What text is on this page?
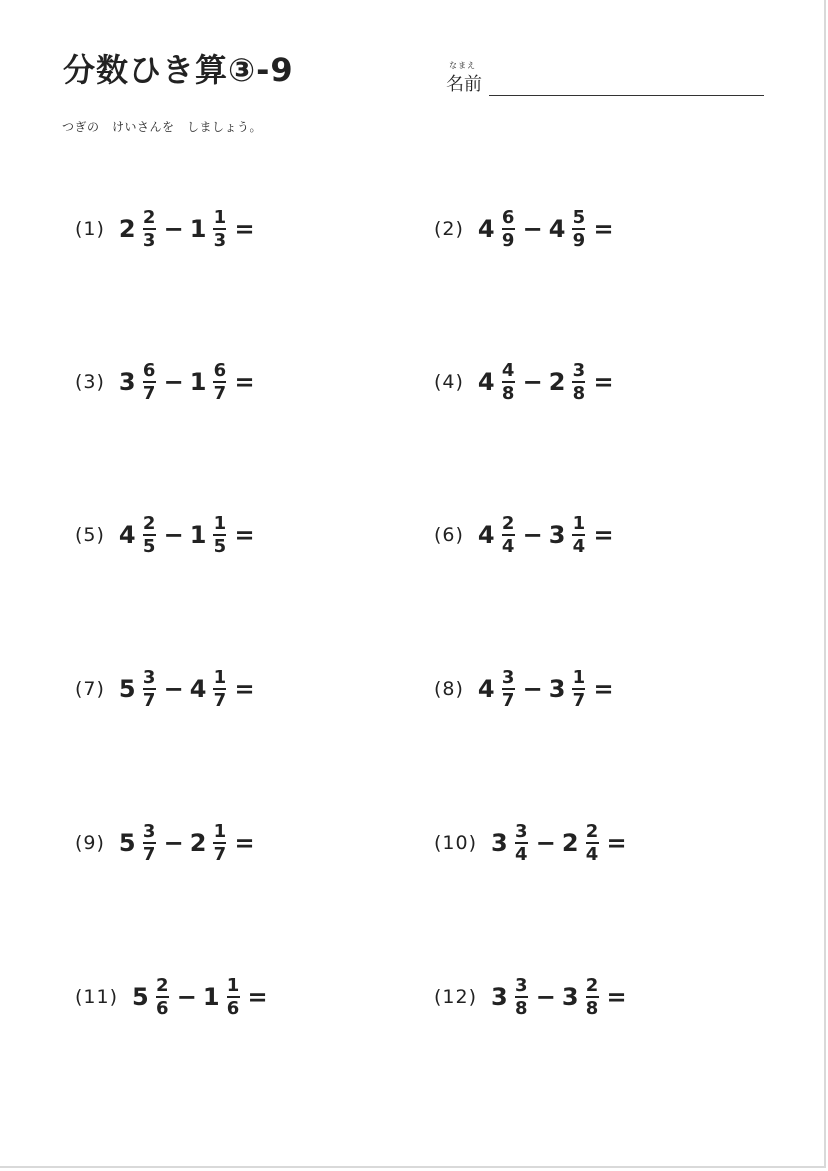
分数ひき算③-9	なまえ
名前
つぎの　けいさんを　しましょう。
(1) $2 \frac{2}{3} - 1 \frac{1}{3}$ =	(2) $4 \frac{6}{9} - 4 \frac{5}{9}$ =
(3) $3 \frac{6}{7} - 1 \frac{6}{7}$ =	(4) $4 \frac{4}{8} - 2 \frac{3}{8}$ =
(5) $4 \frac{2}{5} - 1 \frac{1}{5}$ =	(6) $4 \frac{2}{4} - 3 \frac{1}{4}$ =
(7) $5 \frac{3}{7} - 4 \frac{1}{7}$ =	(8) $4 \frac{3}{7} - 3 \frac{1}{7}$ =
(9) $5 \frac{3}{7} - 2 \frac{1}{7}$ =	(10) $3 \frac{3}{4} - 2 \frac{2}{4}$ =
(11) $5 \frac{2}{6} - 1 \frac{1}{6}$ =	(12) $3 \frac{3}{8} - 3 \frac{2}{8}$ =
